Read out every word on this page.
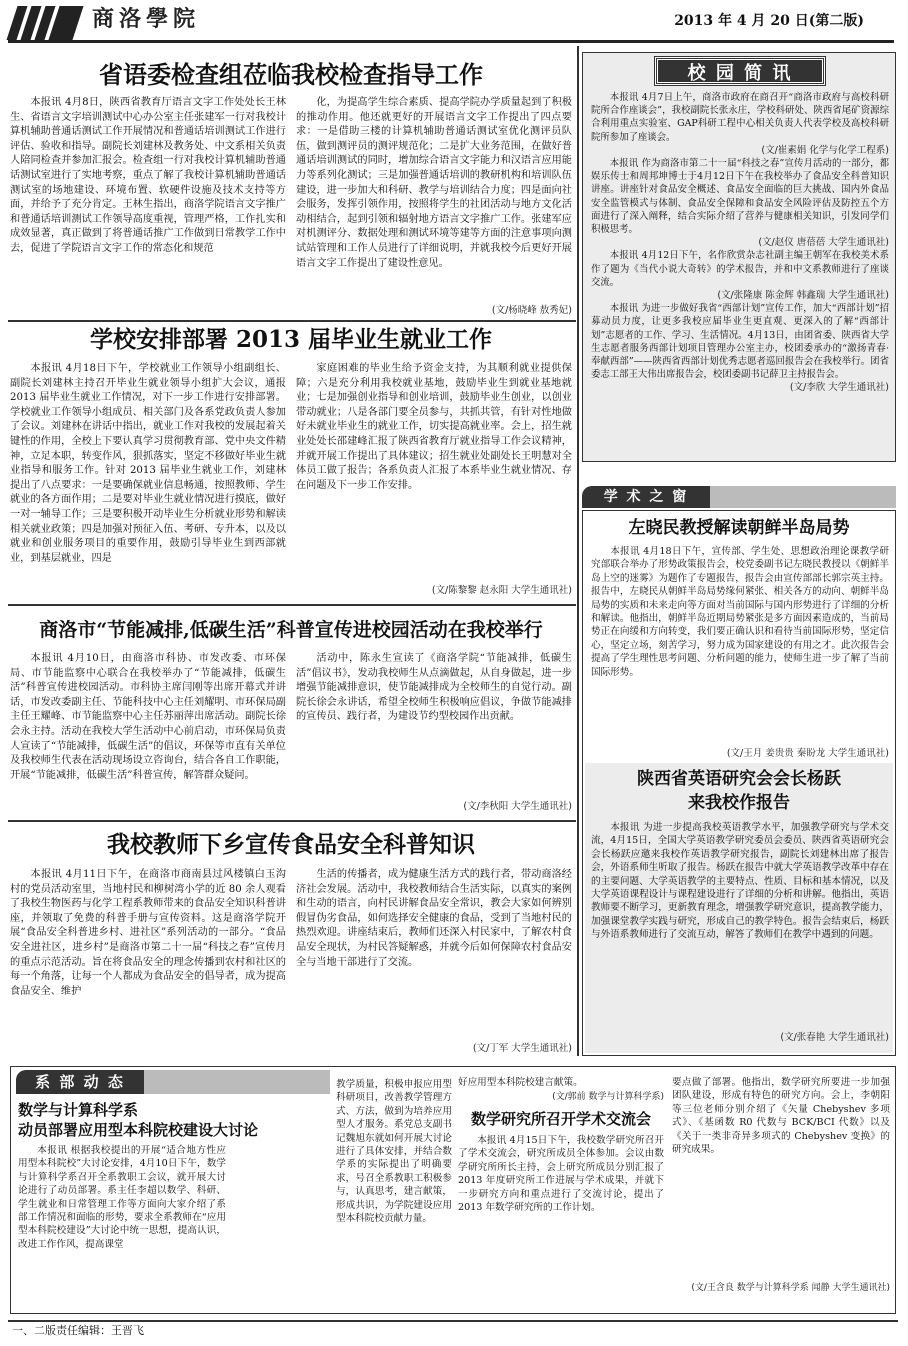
商洛學院	2013 年 4 月 20 日(第二版)
省语委检查组莅临我校检查指导工作

本报讯 4月8日，陕西省教育厅语言文字工作处处长王林生、省语言文字培训测试中心办公室主任张建军一行对我校计算机辅助普通话测试工作开展情况和普通话培训测试工作进行评估、验收和指导。副院长刘建林及教务处、中文系相关负责人陪同检查并参加汇报会。检查组一行对我校计算机辅助普通话测试室进行了实地考察，重点了解了我校计算机辅助普通话测试室的场地建设、环境布置、软硬件设施及技术支持等方面，并给予了充分肯定。王林生指出，商洛学院语言文字推广和普通话培训测试工作领导高度重视，管理严格，工作扎实和成效显著，真正做到了将普通话推广工作做到日常教学工作中去，促进了学院语言文字工作的常态化和规范

化，为提高学生综合素质、提高学院办学质量起到了积极的推动作用。他还就更好的开展语言文字工作提出了四点要求：一是借助三楼的计算机辅助普通话测试室优化测评员队伍，做到测评员的测评规范化；二是扩大业务范围，在做好普通话培训测试的同时，增加综合语言文字能力和汉语言应用能力等系列化测试；三是加强普通话培训的教研机构和培训队伍建设，进一步加大和科研、教学与培训结合力度；四是面向社会服务，发挥引领作用，按照将学生的社团活动与地方文化活动相结合，起到引领和辐射地方语言文字推广工作。张建军应对机测评分、数据处理和测试环境等建等方面的注意事项向测试站管理和工作人员进行了详细说明，并就我校今后更好开展语言文字工作提出了建设性意见。

(文/杨晓峰 敖秀妃)
学校安排部署 2013 届毕业生就业工作

本报讯 4月18日下午，学校就业工作领导小组副组长、副院长刘建林主持召开毕业生就业领导小组扩大会议，通报 2013 届毕业生就业工作情况，对下一步工作进行安排部署。学校就业工作领导小组成员、相关部门及各系党政负责人参加了会议。刘建林在讲话中指出，就业工作对我校的发展起着关键性的作用，全校上下要认真学习贯彻教育部、党中央文件精神，立足本职，转变作风，狠抓落实，坚定不移做好毕业生就业指导和服务工作。针对 2013 届毕业生就业工作，刘建林提出了八点要求：一是要确保就业信息畅通，按照教师、学生就业的各方面作用；二是要对毕业生就业情况进行摸底，做好一对一辅导工作；三是要积极开动毕业生分析就业形势和解读相关就业政策；四是加强对预征入伍、考研、专升本，以及以就业和创业服务项目的重要作用，鼓励引导毕业生到西部就业，到基层就业，四是

家庭困难的毕业生给予资金支持，为其顺利就业提供保障；六是充分利用我校就业基地，鼓励毕业生到就业基地就业；七是加强创业指导和创业培训，鼓励毕业生创业，以创业带动就业；八是各部门要全员参与，共抓共管，有针对性地做好未就业毕业生的就业工作，切实提高就业率。会上，招生就业处处长邵建峰汇报了陕西省教育厅就业指导工作会议精神，并就开展工作提出了具体建议；招生就业处副处长王明慧对全体员工做了报告；各系负责人汇报了本系毕业生就业情况、存在问题及下一步工作安排。

(文/陈黎黎 赵永阳 大学生通讯社)
商洛市“节能减排,低碳生活”科普宣传进校园活动在我校举行

本报讯 4月10日，由商洛市科协、市发改委、市环保局、市节能监察中心联合在我校举办了“节能减排，低碳生活”科普宣传进校园活动。市科协主席闫刚等出席开幕式并讲话，市发改委副主任、节能科技中心主任刘耀明、市环保局副主任王耀峰、市节能监察中心主任苏丽萍出席活动。副院长徐会永主持。活动在我校大学生活动中心前启动，市环保局负责人宣读了“节能减排，低碳生活”的倡议，环保等市直有关单位及我校师生代表在活动现场设立咨询台，结合各自工作职能，开展“节能减排，低碳生活”科普宣传，解答群众疑问。

活动中，陈永生宣读了《商洛学院“节能减排，低碳生活”倡议书》，发动我校师生从点滴做起，从自身做起，进一步增强节能减排意识，使节能减排成为全校师生的自觉行动。副院长徐会永讲话，希望全校师生积极响应倡议，争做节能减排的宣传员、践行者，为建设节约型校园作出贡献。

(文/李秋阳 大学生通讯社)
我校教师下乡宣传食品安全科普知识

本报讯 4月11日下午，在商洛市商南县过风楼镇白玉沟村的党员活动室里，当地村民和柳树湾小学的近 80 余人观看了我校生物医药与化学工程系教师带来的食品安全知识科普讲座，并领取了免费的科普手册与宣传资料。这是商洛学院开展“食品安全科普进乡村、进社区”系列活动的一部分。“食品安全进社区，进乡村”是商洛市第二十一届“科技之春”宣传月的重点示范活动。旨在将食品安全的理念传播到农村和社区的每一个角落，让每一个人都成为食品安全的倡导者，成为提高食品安全、维护

生活的传播者，成为健康生活方式的践行者，带动商洛经济社会发展。活动中，我校教师结合生活实际，以真实的案例和生动的语言，向村民讲解食品安全常识，教会大家如何辨别假冒伪劣食品，如何选择安全健康的食品，受到了当地村民的热烈欢迎。讲座结束后，教师们还深入村民家中，了解农村食品安全现状，为村民答疑解惑，并就今后如何保障农村食品安全与当地干部进行了交流。

(文/丁军 大学生通讯社)
校 园 简 讯

本报讯 4月7日上午，商洛市政府在商召开“商洛市政府与高校科研院所合作座谈会”，我校副院长张永庄，学校科研处、陕西省尾矿资源综合利用重点实验室、GAP科研工程中心相关负责人代表学校及高校科研院所参加了座谈会。

(文/崔素娟 化学与化学工程系)

本报讯 作为商洛市第二十一届“科技之春”宣传月活动的一部分，都娱乐传士和周邦坤博士于4月12日下午在我校举办了食品安全科普知识讲座。讲座针对食品安全概述、食品安全面临的巨大挑战、国内外食品安全监管模式与体制、食品安全保障和食品安全风险评估及防控五个方面进行了深入阐释，结合实际介绍了营养与健康相关知识，引发同学们积极思考。

(文/赵仪 唐蓓蓓 大学生通讯社)

本报讯 4月12日下午，名作欣赏杂志社副主编王朝军在我校美术系作了题为《当代小说大奇转》的学术报告，并和中文系教师进行了座谈交流。

(文/张隆康 陈金辉 韩鑫瑞 大学生通讯社)

本报讯 为进一步做好我省“西部计划”宣传工作，加大“西部计划”招募动员力度，让更多我校应届毕业生更直观、更深入的了解“西部计划”志愿者的工作、学习、生活情况。4月13日，由团省委、陕西省大学生志愿者服务西部计划项目管理办公室主办，校团委承办的“激扬青春·奉献西部”——陕西省西部计划优秀志愿者巡回报告会在我校举行。团省委志工部王大伟出席报告会，校团委副书记薛卫主持报告会。

(文/李欣 大学生通讯社)
学 术 之 窗
左晓民教授解读朝鲜半岛局势

本报讯 4月18日下午，宣传部、学生处、思想政治理论课教学研究部联合举办了形势政策报告会，校党委副书记左晓民教授以《朝鲜半岛上空的迷雾》为题作了专题报告，报告会由宣传部部长郭宗英主持。报告中，左晓民从朝鲜半岛局势缘何紧张、相关各方的动向、朝鲜半岛局势的实质和未来走向等方面对当前国际与国内形势进行了详细的分析和解读。他指出，朝鲜半岛近期局势紧张是多方面因素造成的，当前局势正在向缓和方向转变，我们要正确认识和看待当前国际形势，坚定信心，坚定立场，刻苦学习，努力成为国家建设的有用之才。此次报告会提高了学生理性思考问题、分析问题的能力，使师生进一步了解了当前国际形势。

(文/王月 姜贵贵 秦盼龙 大学生通讯社)
陕西省英语研究会会长杨跃
来我校作报告

本报讯 为进一步提高我校英语教学水平，加强教学研究与学术交流，4月15日，全国大学英语教学研究委员会委员、陕西省英语研究会会长杨跃应邀来我校作英语教学研究报告，副院长刘建林出席了报告会，外语系师生听取了报告。杨跃在报告中就大学英语教学改革中存在的主要问题、大学英语教学的主要特点、性质、目标和基本情况，以及大学英语课程设计与课程建设进行了详细的分析和讲解。他指出，英语教师要不断学习，更新教育理念，增强教学研究意识，提高教学能力，加强课堂教学实践与研究，形成自己的教学特色。报告会结束后，杨跃与外语系教师进行了交流互动，解答了教师们在教学中遇到的问题。

(文/张春艳 大学生通讯社)
系 部 动 态
数学与计算科学系
动员部署应用型本科院校建设大讨论

本报讯 根据我校提出的开展“适合地方性应用型本科院校”大讨论安排，4月10日下午，数学与计算科学系召开全系教职工会议，就开展大讨论进行了动员部署。系主任李超以数学、科研、学生就业和日常管理工作等方面向大家介绍了系部工作情况和面临的形势，要求全系教师在“应用型本科院校建设”大讨论中统一思想，提高认识，改进工作作风，提高课堂

教学质量，积极申报应用型科研项目，改善教学管理方式、方法，做到为培养应用型人才服务。系党总支副书记魏旭东就如何开展大讨论进行了具体安排，并结合数学系的实际提出了明确要求，号召全系教职工积极参与，认真思考，建言献策，形成共识，为学院建设应用型本科院校贡献力量。

好应用型本科院校建言献策。

(文/郭前 数学与计算科学系)
数学研究所召开学术交流会

本报讯 4月15日下午，我校数学研究所召开了学术交流会，研究所成员全体参加。会议由数学研究所所长主持，会上研究所成员分别汇报了 2013 年度研究所工作进展与学术成果，并就下一步研究方向和重点进行了交流讨论，提出了 2013 年数学研究所的工作计划。

要点做了部署。他指出，数学研究所要进一步加强团队建设，形成有特色的研究方向。会上，李朝阳等三位老师分别介绍了《矢量 Chebyshev 多项式》、《基函数 R0 代数与 BCK/BCI 代数》以及《关于一类非奇异多项式的 Chebyshev 变换》的研究成果。

(文/王含良 数学与计算科学系 闻静 大学生通讯社)
一、二版责任编辑：王晋飞
